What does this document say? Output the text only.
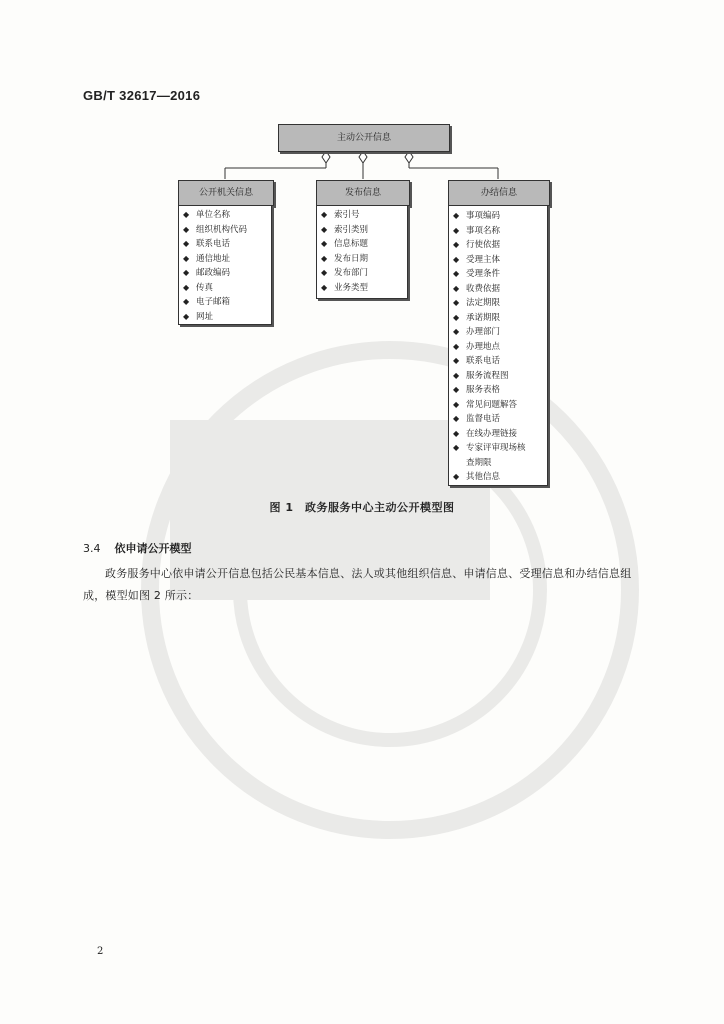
GB/T 32617—2016
主动公开信息
公开机关信息
◆ 单位名称
◆ 组织机构代码
◆ 联系电话
◆ 通信地址
◆ 邮政编码
◆ 传真
◆ 电子邮箱
◆ 网址
发布信息
◆ 索引号
◆ 索引类别
◆ 信息标题
◆ 发布日期
◆ 发布部门
◆ 业务类型
办结信息
◆ 事项编码
◆ 事项名称
◆ 行使依据
◆ 受理主体
◆ 受理条件
◆ 收费依据
◆ 法定期限
◆ 承诺期限
◆ 办理部门
◆ 办理地点
◆ 联系电话
◆ 服务流程图
◆ 服务表格
◆ 常见问题解答
◆ 监督电话
◆ 在线办理链接
◆ 专家评审现场核
查期限
◆ 其他信息
图 1　政务服务中心主动公开模型图
3.4 依申请公开模型
政务服务中心依申请公开信息包括公民基本信息、法人或其他组织信息、申请信息、受理信息和办结信息组成，模型如图 2 所示：
2
